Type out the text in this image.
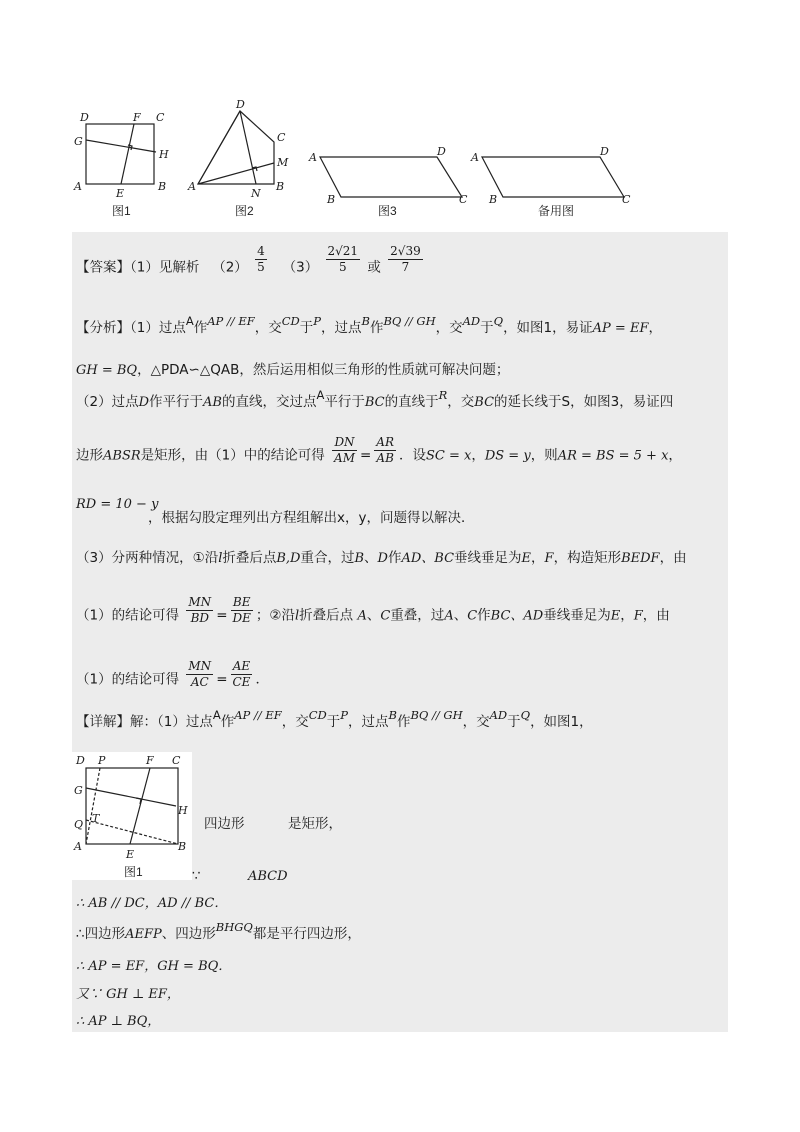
D	F C
G
H
A
E
B
D
C
M
A
N
B
A	D
B	C
A	D
B	C
图1	图2	图3	备用图
【答案】（1）见解析 $(2) \frac{4}{5} (3) \frac{2√21}{5}$ 或 $\frac{2√39}{7}$
【分析】（1）过点A作AP // EF，交CD于P，过点B作BQ // GH，交AD于Q，如图1，易证AP = EF，
GH = BQ，△PDA∽△QAB，然后运用相似三角形的性质就可解决问题；
（2）过点D作平行于AB的直线，交过点A平行于BC的直线于R，交BC的延长线于S，如图3，易证四
边形ABSR是矩形，由（1）中的结论可得 $\frac{DN}{AM} = \frac{AR}{AB}$ ．设SC = x，DS = y，则AR = BS = 5 + x，
RD = 10 − y
，根据勾股定理列出方程组解出x，y，问题得以解决．
（3）分两种情况，①沿l折叠后点B,D重合，过B、D作AD、BC垂线垂足为E，F，构造矩形BEDF，由
（1）的结论可得 $\frac{MN}{BD} = \frac{BE}{DE}$ ；②沿l折叠后点 A、C重叠，过A、C作BC、AD垂线垂足为E，F，由
（1）的结论可得 $\frac{MN}{AC} = \frac{AE}{CE}$ ．
【详解】解：（1）过点A作AP // EF，交CD于P，过点B作BQ // GH，交AD于Q，如图1，
D P	F C
G
H
Q T
A
E
B
图1
四边形	是矩形，
∵	ABCD
∴ AB // DC，AD // BC．
∴四边形AEFP、四边形BHGQ都是平行四边形，
∴ AP = EF，GH = BQ．
又∵ GH ⊥ EF，
∴ AP ⊥ BQ，
